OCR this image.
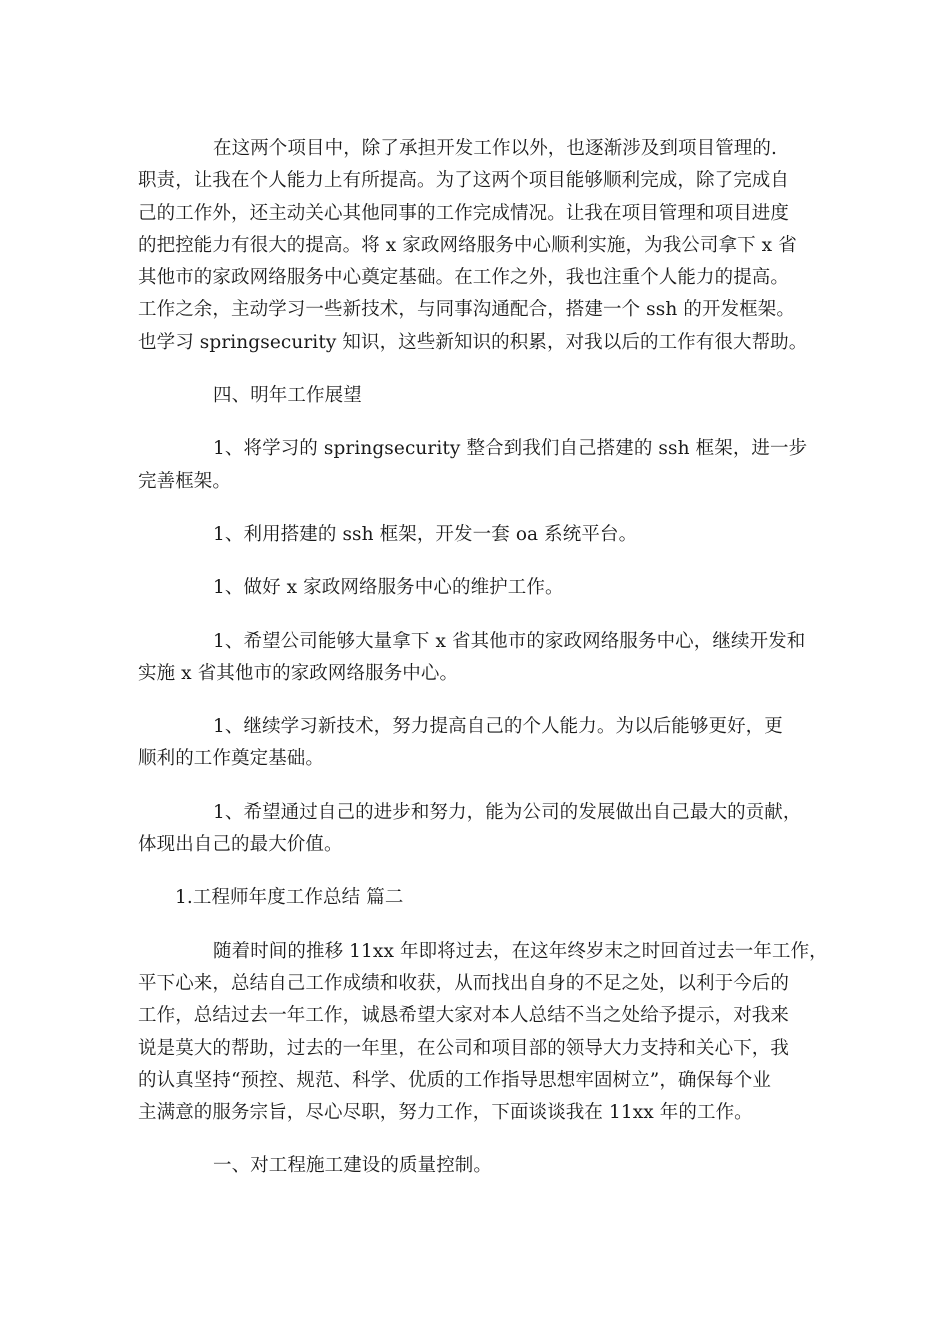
在这两个项目中，除了承担开发工作以外，也逐渐涉及到项目管理的.
职责，让我在个人能力上有所提高。为了这两个项目能够顺利完成，除了完成自
己的工作外，还主动关心其他同事的工作完成情况。让我在项目管理和项目进度
的把控能力有很大的提高。将 x 家政网络服务中心顺利实施，为我公司拿下 x 省
其他市的家政网络服务中心奠定基础。在工作之外，我也注重个人能力的提高。
工作之余，主动学习一些新技术，与同事沟通配合，搭建一个 ssh 的开发框架。
也学习 springsecurity 知识，这些新知识的积累，对我以后的工作有很大帮助。

四、明年工作展望

1、将学习的 springsecurity 整合到我们自己搭建的 ssh 框架，进一步
完善框架。

1、利用搭建的 ssh 框架，开发一套 oa 系统平台。

1、做好 x 家政网络服务中心的维护工作。

1、希望公司能够大量拿下 x 省其他市的家政网络服务中心，继续开发和
实施 x 省其他市的家政网络服务中心。

1、继续学习新技术，努力提高自己的个人能力。为以后能够更好，更
顺利的工作奠定基础。

1、希望通过自己的进步和努力，能为公司的发展做出自己最大的贡献，
体现出自己的最大价值。

1.工程师年度工作总结 篇二

随着时间的推移 11xx 年即将过去，在这年终岁末之时回首过去一年工作，
平下心来，总结自己工作成绩和收获，从而找出自身的不足之处，以利于今后的
工作，总结过去一年工作，诚恳希望大家对本人总结不当之处给予提示，对我来
说是莫大的帮助，过去的一年里，在公司和项目部的领导大力支持和关心下，我
的认真坚持“预控、规范、科学、优质的工作指导思想牢固树立”，确保每个业
主满意的服务宗旨，尽心尽职，努力工作，下面谈谈我在 11xx 年的工作。

一、对工程施工建设的质量控制。
